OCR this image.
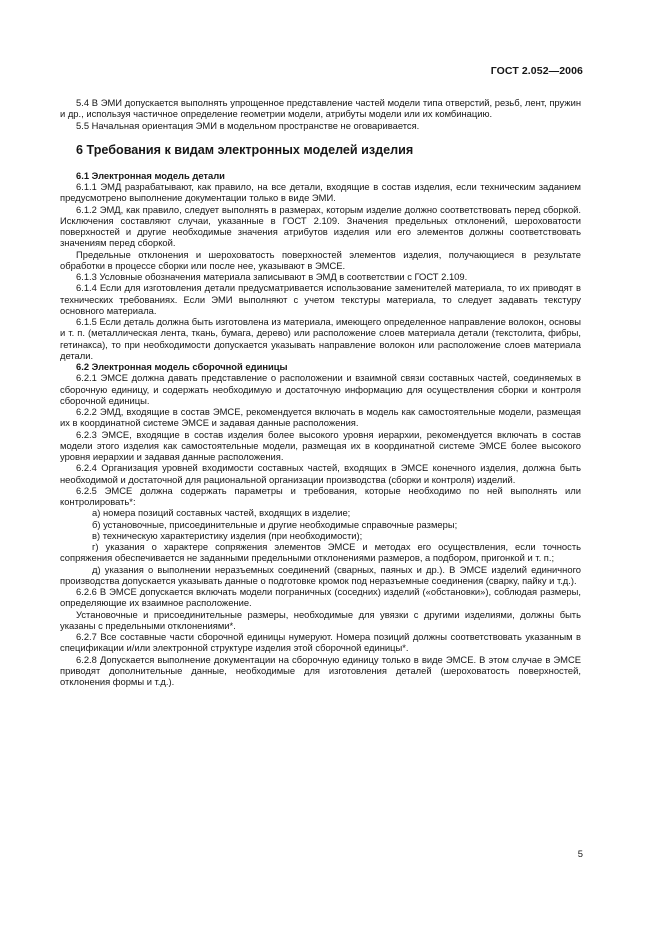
ГОСТ 2.052—2006

5.4 В ЭМИ допускается выполнять упрощенное представление частей модели типа отверстий, резьб, лент, пружин и др., используя частичное определение геометрии модели, атрибуты модели или их комбинацию.

5.5 Начальная ориентация ЭМИ в модельном пространстве не оговаривается.

6 Требования к видам электронных моделей изделия
6.1 Электронная модель детали

6.1.1 ЭМД разрабатывают, как правило, на все детали, входящие в состав изделия, если техническим заданием предусмотрено выполнение документации только в виде ЭМИ.

6.1.2 ЭМД, как правило, следует выполнять в размерах, которым изделие должно соответствовать перед сборкой. Исключения составляют случаи, указанные в ГОСТ 2.109. Значения предельных отклонений, шероховатости поверхностей и другие необходимые значения атрибутов изделия или его элементов должны соответствовать значениям перед сборкой.

Предельные отклонения и шероховатость поверхностей элементов изделия, получающиеся в результате обработки в процессе сборки или после нее, указывают в ЭМСЕ.

6.1.3 Условные обозначения материала записывают в ЭМД в соответствии с ГОСТ 2.109.

6.1.4 Если для изготовления детали предусматривается использование заменителей материала, то их приводят в технических требованиях. Если ЭМИ выполняют с учетом текстуры материала, то следует задавать текстуру основного материала.

6.1.5 Если деталь должна быть изготовлена из материала, имеющего определенное направление волокон, основы и т. п. (металлическая лента, ткань, бумага, дерево) или расположение слоев материала детали (текстолита, фибры, гетинакса), то при необходимости допускается указывать направление волокон или расположение слоев материала детали.

6.2 Электронная модель сборочной единицы

6.2.1 ЭМСЕ должна давать представление о расположении и взаимной связи составных частей, соединяемых в сборочную единицу, и содержать необходимую и достаточную информацию для осуществления сборки и контроля сборочной единицы.

6.2.2 ЭМД, входящие в состав ЭМСЕ, рекомендуется включать в модель как самостоятельные модели, размещая их в координатной системе ЭМСЕ и задавая данные расположения.

6.2.3 ЭМСЕ, входящие в состав изделия более высокого уровня иерархии, рекомендуется включать в состав модели этого изделия как самостоятельные модели, размещая их в координатной системе ЭМСЕ более высокого уровня иерархии и задавая данные расположения.

6.2.4 Организация уровней входимости составных частей, входящих в ЭМСЕ конечного изделия, должна быть необходимой и достаточной для рациональной организации производства (сборки и контроля) изделий.

6.2.5 ЭМСЕ должна содержать параметры и требования, которые необходимо по ней выполнять или контролировать*:

а) номера позиций составных частей, входящих в изделие;

б) установочные, присоединительные и другие необходимые справочные размеры;

в) техническую характеристику изделия (при необходимости);

г) указания о характере сопряжения элементов ЭМСЕ и методах его осуществления, если точность сопряжения обеспечивается не заданными предельными отклонениями размеров, а подбором, пригонкой и т. п.;

д) указания о выполнении неразъемных соединений (сварных, паяных и др.). В ЭМСЕ изделий единичного производства допускается указывать данные о подготовке кромок под неразъемные соединения (сварку, пайку и т.д.).

6.2.6 В ЭМСЕ допускается включать модели пограничных (соседних) изделий («обстановки»), соблюдая размеры, определяющие их взаимное расположение.

Установочные и присоединительные размеры, необходимые для увязки с другими изделиями, должны быть указаны с предельными отклонениями*.

6.2.7 Все составные части сборочной единицы нумеруют. Номера позиций должны соответствовать указанным в спецификации и/или электронной структуре изделия этой сборочной единицы*.

6.2.8 Допускается выполнение документации на сборочную единицу только в виде ЭМСЕ. В этом случае в ЭМСЕ приводят дополнительные данные, необходимые для изготовления деталей (шероховатость поверхностей, отклонения формы и т.д.).

5
